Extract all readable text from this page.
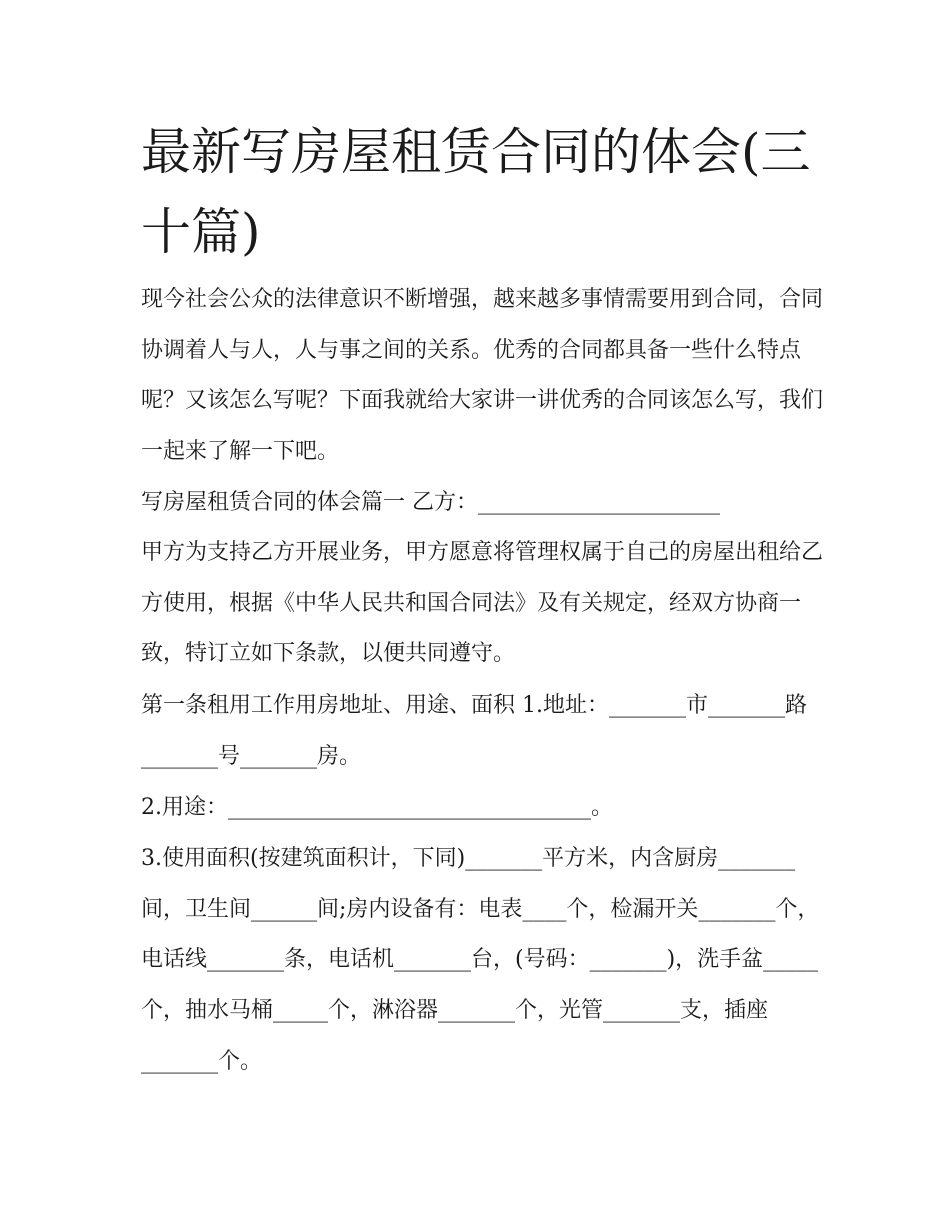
最新写房屋租赁合同的体会(三十篇)

现今社会公众的法律意识不断增强，越来越多事情需要用到合同，合同协调着人与人，人与事之间的关系。优秀的合同都具备一些什么特点呢？又该怎么写呢？下面我就给大家讲一讲优秀的合同该怎么写，我们一起来了解一下吧。

写房屋租赁合同的体会篇一 乙方：______________________

甲方为支持乙方开展业务，甲方愿意将管理权属于自己的房屋出租给乙方使用，根据《中华人民共和国合同法》及有关规定，经双方协商一致，特订立如下条款，以便共同遵守。

第一条租用工作用房地址、用途、面积 1.地址：_______市_______路_______号_______房。

2.用途：_________________________________。

3.使用面积(按建筑面积计，下同)_______平方米，内含厨房_______间，卫生间______间;房内设备有：电表____个，检漏开关_______个，电话线_______条，电话机_______台，(号码：_______)，洗手盆_____个，抽水马桶_____个，淋浴器_______个，光管_______支，插座_______个。
